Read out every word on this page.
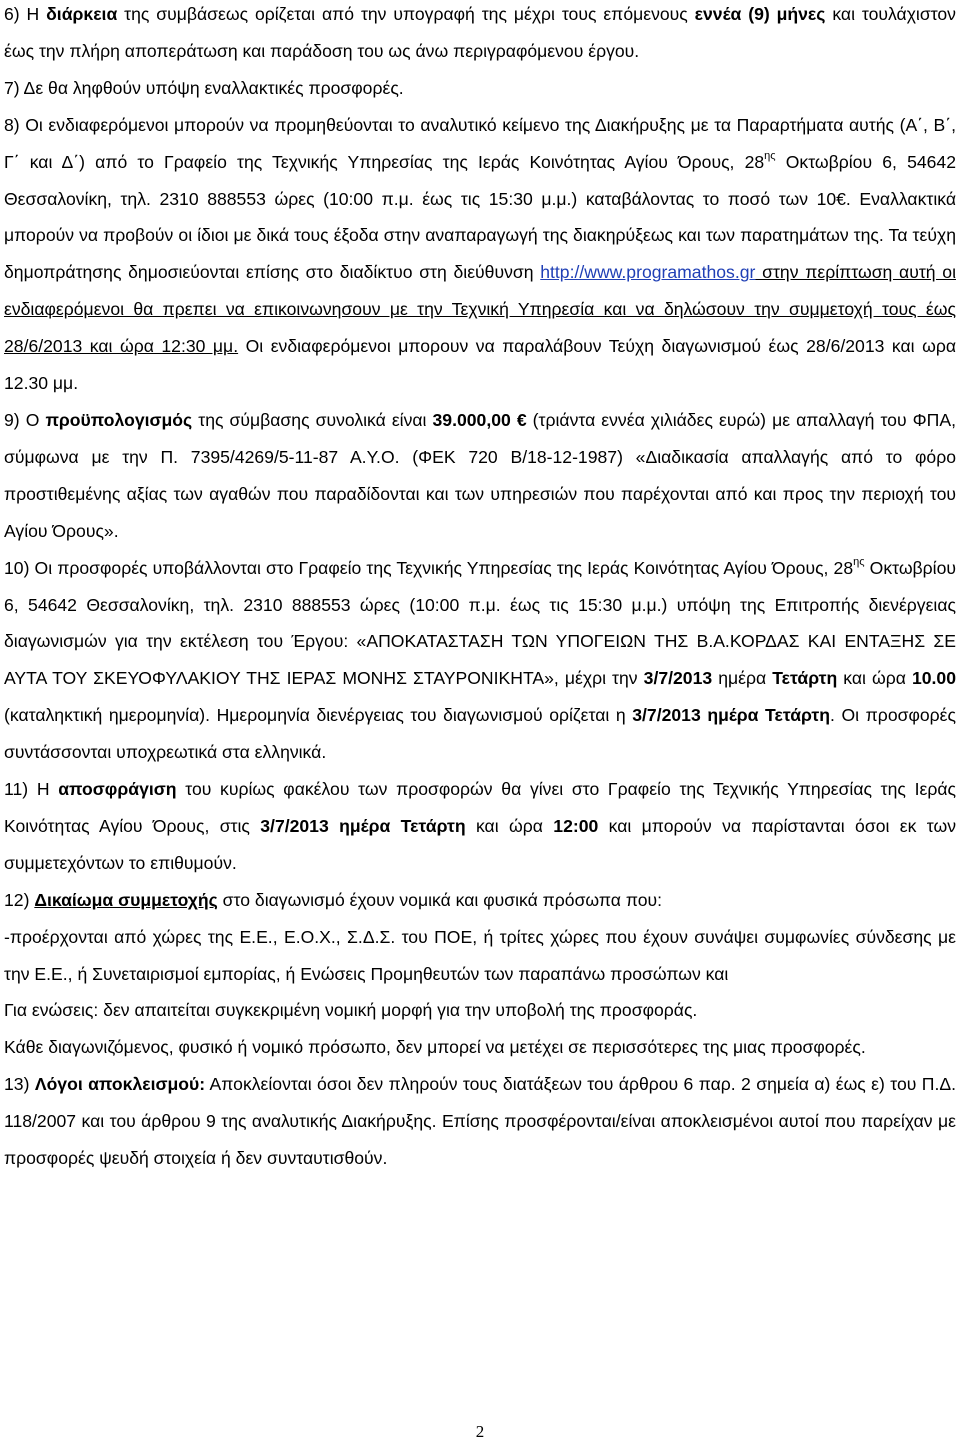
6) Η διάρκεια της συμβάσεως ορίζεται από την υπογραφή της μέχρι τους επόμενους εννέα (9) μήνες και τουλάχιστον έως την πλήρη αποπεράτωση και παράδοση του ως άνω περιγραφόμενου έργου.

7) Δε θα ληφθούν υπόψη εναλλακτικές προσφορές.

8) Οι ενδιαφερόμενοι μπορούν να προμηθεύονται το αναλυτικό κείμενο της Διακήρυξης με τα Παραρτήματα αυτής (Α΄, Β΄, Γ΄ και Δ΄) από το Γραφείο της Τεχνικής Υπηρεσίας της Ιεράς Κοινότητας Αγίου Όρους, $28^{\eta\varsigma}$ Οκτωβρίου 6, 54642 Θεσσαλονίκη, τηλ. 2310 888553 ώρες (10:00 π.μ. έως τις 15:30 μ.μ.) καταβάλοντας το ποσό των 10€. Εναλλακτικά μπορούν να προβούν οι ίδιοι με δικά τους έξοδα στην αναπαραγωγή της διακηρύξεως και των παρατημάτων της. Τα τεύχη δημοπράτησης δημοσιεύονται επίσης στο διαδίκτυο στη διεύθυνση http://www.programathos.gr στην περίπτωση αυτή οι ενδιαφερόμενοι θα πρεπει να επικοινωνησουν με την Τεχνική Υπηρεσία και να δηλώσουν την συμμετοχή τους έως 28/6/2013 και ώρα 12:30 μμ. Οι ενδιαφερόμενοι μπορουν να παραλάβουν Τεύχη διαγωνισμού έως 28/6/2013 και ωρα 12.30 μμ.

9) Ο προϋπολογισμός της σύμβασης συνολικά είναι 39.000,00 € (τριάντα εννέα χιλιάδες ευρώ) με απαλλαγή του ΦΠΑ, σύμφωνα με την Π. 7395/4269/5-11-87 Α.Υ.Ο. (ΦΕΚ 720 Β/18-12-1987) «Διαδικασία απαλλαγής από το φόρο προστιθεμένης αξίας των αγαθών που παραδίδονται και των υπηρεσιών που παρέχονται από και προς την περιοχή του Αγίου Όρους».

10) Οι προσφορές υποβάλλονται στο Γραφείο της Τεχνικής Υπηρεσίας της Ιεράς Κοινότητας Αγίου Όρους, $28^{\eta\varsigma}$ Οκτωβρίου 6, 54642 Θεσσαλονίκη, τηλ. 2310 888553 ώρες (10:00 π.μ. έως τις 15:30 μ.μ.) υπόψη της Επιτροπής διενέργειας διαγωνισμών για την εκτέλεση του Έργου: «ΑΠΟΚΑΤΑΣΤΑΣΗ ΤΩΝ ΥΠΟΓΕΙΩΝ ΤΗΣ Β.Α.ΚΟΡΔΑΣ ΚΑΙ ΕΝΤΑΞΗΣ ΣΕ ΑΥΤΑ ΤΟΥ ΣΚΕΥΟΦΥΛΑΚΙΟΥ ΤΗΣ ΙΕΡΑΣ ΜΟΝΗΣ ΣΤΑΥΡΟΝΙΚΗΤΑ», μέχρι την 3/7/2013 ημέρα Τετάρτη και ώρα 10.00 (καταληκτική ημερομηνία). Ημερομηνία διενέργειας του διαγωνισμού ορίζεται η 3/7/2013 ημέρα Τετάρτη. Οι προσφορές συντάσσονται υποχρεωτικά στα ελληνικά.

11) Η αποσφράγιση του κυρίως φακέλου των προσφορών θα γίνει στο Γραφείο της Τεχνικής Υπηρεσίας της Ιεράς Κοινότητας Αγίου Όρους, στις 3/7/2013 ημέρα Τετάρτη και ώρα 12:00 και μπορούν να παρίστανται όσοι εκ των συμμετεχόντων το επιθυμούν.

12) Δικαίωμα συμμετοχής στο διαγωνισμό έχουν νομικά και φυσικά πρόσωπα που:

-προέρχονται από χώρες της Ε.Ε., Ε.Ο.Χ., Σ.Δ.Σ. του ΠΟΕ, ή τρίτες χώρες που έχουν συνάψει συμφωνίες σύνδεσης με την Ε.Ε., ή Συνεταιρισμοί εμπορίας, ή Ενώσεις Προμηθευτών των παραπάνω προσώπων και

Για ενώσεις: δεν απαιτείται συγκεκριμένη νομική μορφή για την υποβολή της προσφοράς.

Κάθε διαγωνιζόμενος, φυσικό ή νομικό πρόσωπο, δεν μπορεί να μετέχει σε περισσότερες της μιας προσφορές.

13) Λόγοι αποκλεισμού: Αποκλείονται όσοι δεν πληρούν τους διατάξεων του άρθρου 6 παρ. 2 σημεία α) έως ε) του Π.Δ. 118/2007 και του άρθρου 9 της αναλυτικής Διακήρυξης. Επίσης προσφέρονται/είναι αποκλεισμένοι αυτοί που παρείχαν με προσφορές ψευδή στοιχεία ή δεν συνταυτισθούν.

2
